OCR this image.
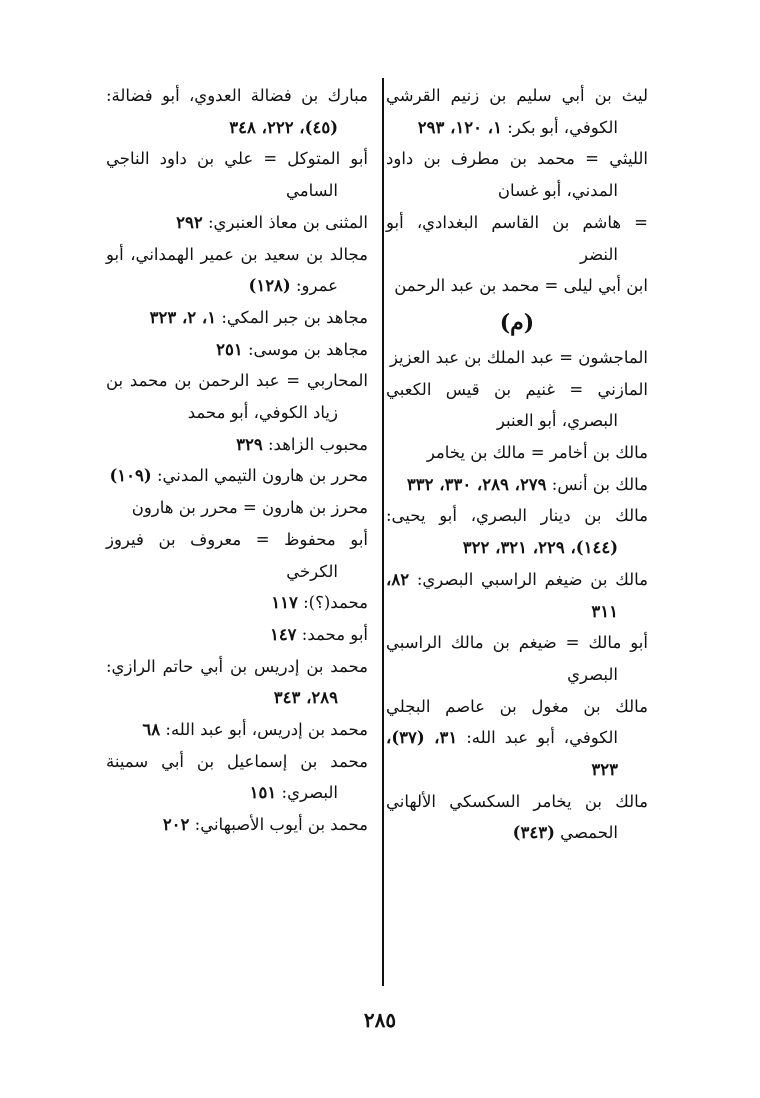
ليث بن أبي سليم بن زنيم القرشي الكوفي، أبو بكر: ١، ١٢٠، ٢٩٣

الليثي = محمد بن مطرف بن داود المدني، أبو غسان

= هاشم بن القاسم البغدادي، أبو النضر

ابن أبي ليلى = محمد بن عبد الرحمن

(م)

الماجشون = عبد الملك بن عبد العزيز

المازني = غنيم بن قيس الكعبي البصري، أبو العنبر

مالك بن أخامر = مالك بن يخامر

مالك بن أنس: ٢٧٩، ٢٨٩، ٣٣٠، ٣٣٢

مالك بن دينار البصري، أبو يحيى: (١٤٤)، ٢٢٩، ٣٢١، ٣٢٢

مالك بن ضيغم الراسبي البصري: ٨٢، ٣١١

أبو مالك = ضيغم بن مالك الراسبي البصري

مالك بن مغول بن عاصم البجلي الكوفي، أبو عبد الله: ٣١، (٣٧)، ٣٢٣

مالك بن يخامر السكسكي الألهاني الحمصي (٣٤٣)

مبارك بن فضالة العدوي، أبو فضالة: (٤٥)، ٢٢٢، ٣٤٨

أبو المتوكل = علي بن داود الناجي السامي

المثنى بن معاذ العنبري: ٢٩٢

مجالد بن سعيد بن عمير الهمداني، أبو عمرو: (١٢٨)

مجاهد بن جبر المكي: ١، ٢، ٣٢٣

مجاهد بن موسى: ٢٥١

المحاربي = عبد الرحمن بن محمد بن زياد الكوفي، أبو محمد

محبوب الزاهد: ٣٢٩

محرر بن هارون التيمي المدني: (١٠٩)

محرز بن هارون = محرر بن هارون

أبو محفوظ = معروف بن فيروز الكرخي

محمد(؟): ١١٧

أبو محمد: ١٤٧

محمد بن إدريس بن أبي حاتم الرازي: ٢٨٩، ٣٤٣

محمد بن إدريس، أبو عبد الله: ٦٨

محمد بن إسماعيل بن أبي سمينة البصري: ١٥١

محمد بن أيوب الأصبهاني: ٢٠٢

٢٨٥
